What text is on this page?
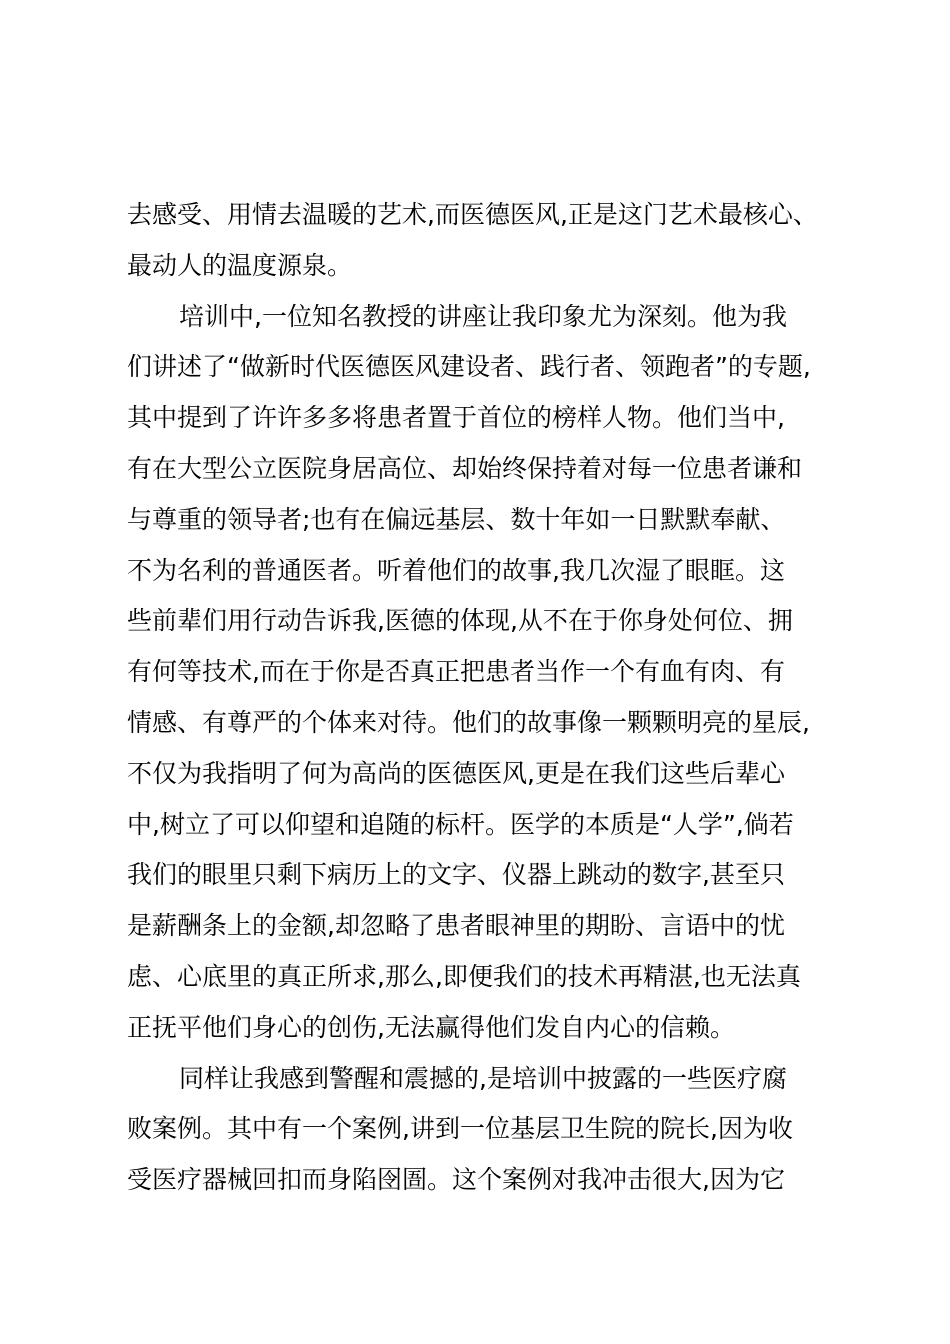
去感受、用情去温暖的艺术,而医德医风,正是这门艺术最核心、
最动人的温度源泉。

培训中,一位知名教授的讲座让我印象尤为深刻。他为我
们讲述了“做新时代医德医风建设者、践行者、领跑者”的专题,
其中提到了许许多多将患者置于首位的榜样人物。他们当中,
有在大型公立医院身居高位、却始终保持着对每一位患者谦和
与尊重的领导者;也有在偏远基层、数十年如一日默默奉献、
不为名利的普通医者。听着他们的故事,我几次湿了眼眶。这
些前辈们用行动告诉我,医德的体现,从不在于你身处何位、拥
有何等技术,而在于你是否真正把患者当作一个有血有肉、有
情感、有尊严的个体来对待。他们的故事像一颗颗明亮的星辰,
不仅为我指明了何为高尚的医德医风,更是在我们这些后辈心
中,树立了可以仰望和追随的标杆。医学的本质是“人学”,倘若
我们的眼里只剩下病历上的文字、仪器上跳动的数字,甚至只
是薪酬条上的金额,却忽略了患者眼神里的期盼、言语中的忧
虑、心底里的真正所求,那么,即便我们的技术再精湛,也无法真
正抚平他们身心的创伤,无法赢得他们发自内心的信赖。

同样让我感到警醒和震撼的,是培训中披露的一些医疗腐
败案例。其中有一个案例,讲到一位基层卫生院的院长,因为收
受医疗器械回扣而身陷囹圄。这个案例对我冲击很大,因为它
